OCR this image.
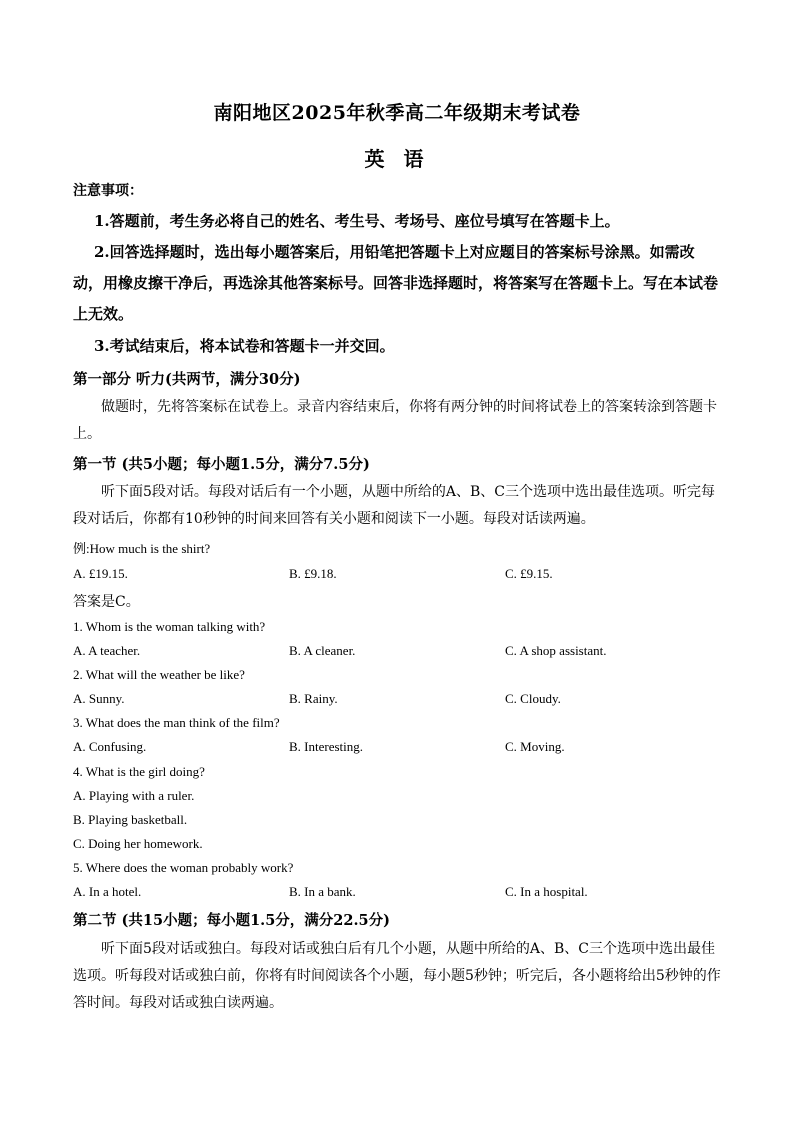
南阳地区2025年秋季高二年级期末考试卷
英 语
注意事项：
1.答题前，考生务必将自己的姓名、考生号、考场号、座位号填写在答题卡上。
2.回答选择题时，选出每小题答案后，用铅笔把答题卡上对应题目的答案标号涂黑。如需改动，用橡皮擦干净后，再选涂其他答案标号。回答非选择题时，将答案写在答题卡上。写在本试卷上无效。
3.考试结束后，将本试卷和答题卡一并交回。
第一部分 听力(共两节，满分30分)
做题时，先将答案标在试卷上。录音内容结束后，你将有两分钟的时间将试卷上的答案转涂到答题卡上。
第一节 (共5小题；每小题1.5分，满分7.5分)
听下面5段对话。每段对话后有一个小题，从题中所给的A、B、C三个选项中选出最佳选项。听完每段对话后，你都有10秒钟的时间来回答有关小题和阅读下一小题。每段对话读两遍。
例:How much is the shirt?
A. £19.15.	B. £9.18.	C. £9.15.
答案是C。
1. Whom is the woman talking with?
A. A teacher.	B. A cleaner.	C. A shop assistant.
2. What will the weather be like?
A. Sunny.	B. Rainy.	C. Cloudy.
3. What does the man think of the film?
A. Confusing.	B. Interesting.	C. Moving.
4. What is the girl doing?
A. Playing with a ruler.
B. Playing basketball.
C. Doing her homework.
5. Where does the woman probably work?
A. In a hotel.	B. In a bank.	C. In a hospital.
第二节 (共15小题；每小题1.5分，满分22.5分)
听下面5段对话或独白。每段对话或独白后有几个小题，从题中所给的A、B、C三个选项中选出最佳选项。听每段对话或独白前，你将有时间阅读各个小题，每小题5秒钟；听完后，各小题将给出5秒钟的作答时间。每段对话或独白读两遍。
